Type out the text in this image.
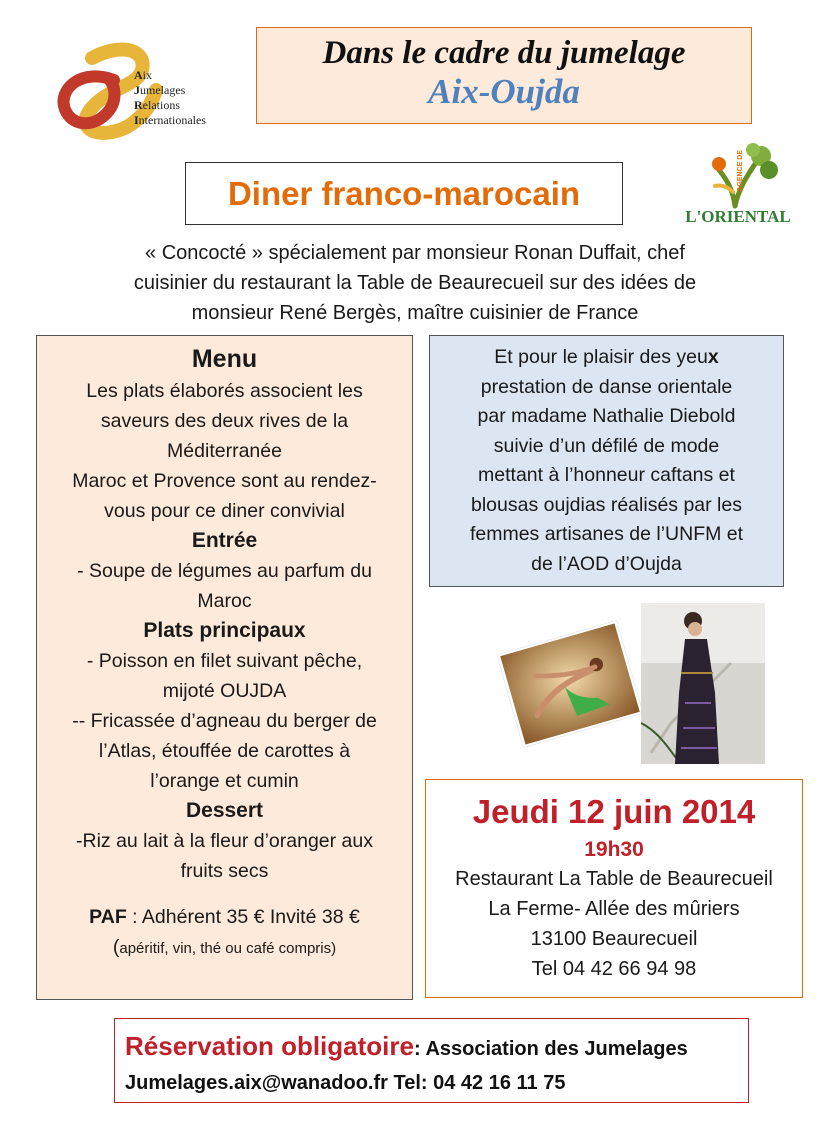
Aix
Jumelages
Relations
Internationales
Dans le cadre du jumelage
Aix-Oujda
Diner franco-marocain
AGENCE DE
L'ORIENTAL
« Concocté » spécialement par monsieur Ronan Duffait, chef
cuisinier du restaurant la Table de Beaurecueil sur des idées de
monsieur René Bergès, maître cuisinier de France
Menu
Les plats élaborés associent les
saveurs des deux rives de la
Méditerranée
Maroc et Provence sont au rendez-
vous pour ce diner convivial
Entrée
- Soupe de légumes au parfum du
Maroc
Plats principaux
- Poisson en filet suivant pêche,
mijoté OUJDA
-- Fricassée d’agneau du berger de
l’Atlas, étouffée de carottes à
l’orange et cumin
Dessert
-Riz au lait à la fleur d’oranger aux
fruits secs
PAF : Adhérent 35 € Invité 38 €
(apéritif, vin, thé ou café compris)
Et pour le plaisir des yeux
prestation de danse orientale
par madame Nathalie Diebold
suivie d’un défilé de mode
mettant à l’honneur caftans et
blousas oujdias réalisés par les
femmes artisanes de l’UNFM et
de l’AOD d’Oujda
Jeudi 12 juin 2014
19h30
Restaurant La Table de Beaurecueil
La Ferme- Allée des mûriers
13100 Beaurecueil
Tel 04 42 66 94 98
Réservation obligatoire: Association des Jumelages
Jumelages.aix@wanadoo.fr Tel: 04 42 16 11 75
